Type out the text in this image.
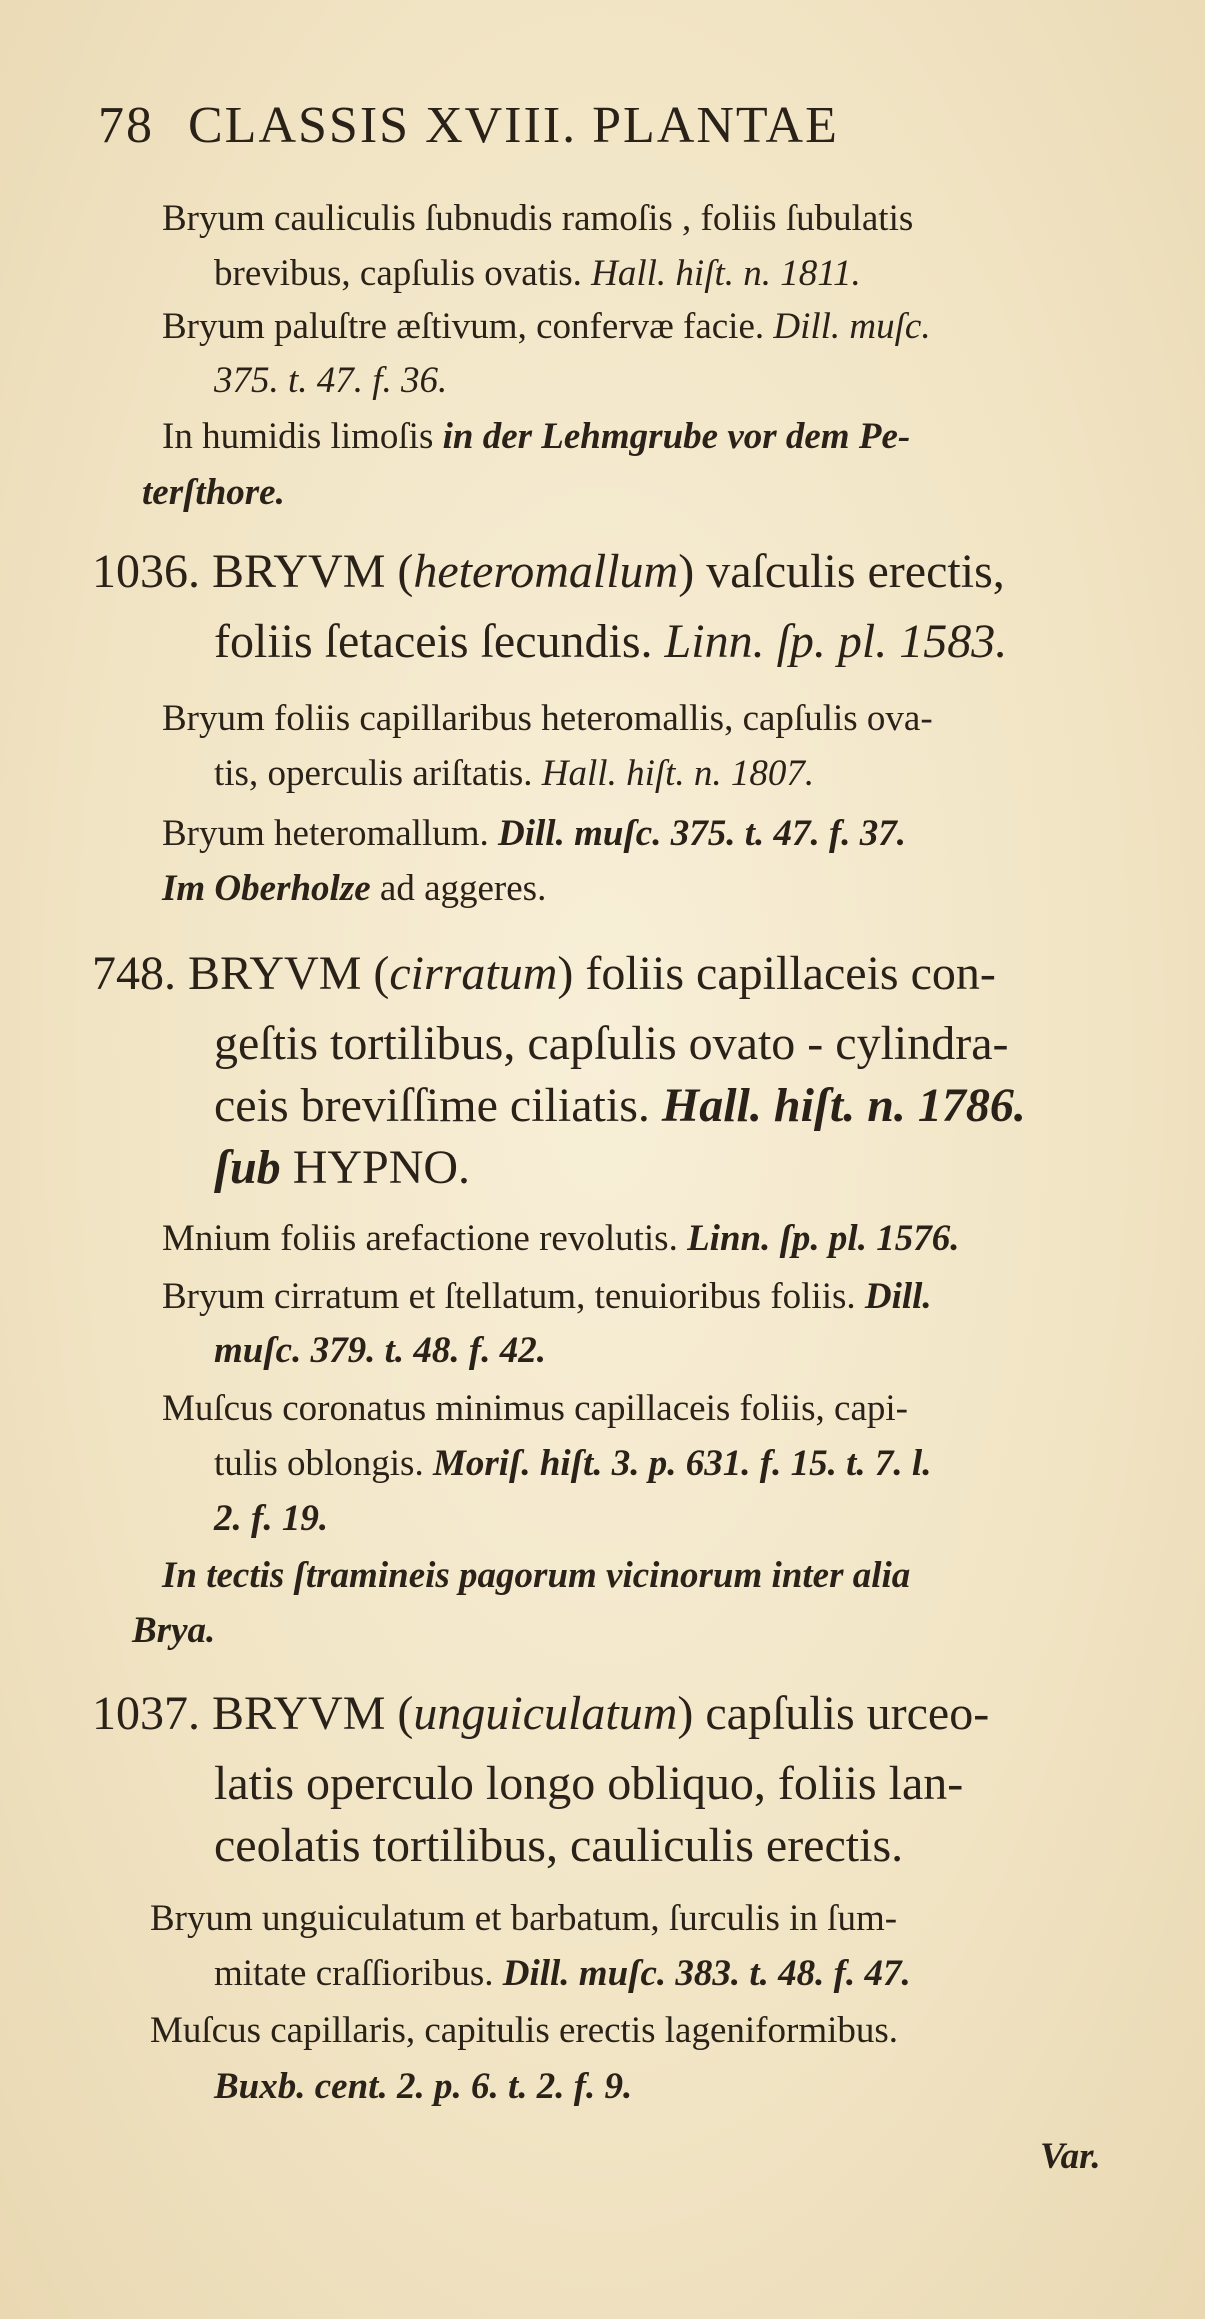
78 CLASSIS XVIII. PLANTAE
Bryum cauliculis ſubnudis ramoſis , foliis ſubulatis
brevibus, capſulis ovatis. Hall. hiſt. n. 1811.
Bryum paluſtre æſtivum, confervæ facie. Dill. muſc.
375. t. 47. f. 36.
In humidis limoſis in der Lehmgrube vor dem Pe-
terſthore.
1036. BRYVM (heteromallum) vaſculis erectis,
foliis ſetaceis ſecundis. Linn. ſp. pl. 1583.
Bryum foliis capillaribus heteromallis, capſulis ova-
tis, operculis ariſtatis. Hall. hiſt. n. 1807.
Bryum heteromallum. Dill. muſc. 375. t. 47. f. 37.
Im Oberholze ad aggeres.
748. BRYVM (cirratum) foliis capillaceis con-
geſtis tortilibus, capſulis ovato - cylindra-
ceis breviſſime ciliatis. Hall. hiſt. n. 1786.
ſub HYPNO.
Mnium foliis arefactione revolutis. Linn. ſp. pl. 1576.
Bryum cirratum et ſtellatum, tenuioribus foliis. Dill.
muſc. 379. t. 48. f. 42.
Muſcus coronatus minimus capillaceis foliis, capi-
tulis oblongis. Moriſ. hiſt. 3. p. 631. f. 15. t. 7. l.
2. f. 19.
In tectis ſtramineis pagorum vicinorum inter alia
Brya.
1037. BRYVM (unguiculatum) capſulis urceo-
latis operculo longo obliquo, foliis lan-
ceolatis tortilibus, cauliculis erectis.
Bryum unguiculatum et barbatum, ſurculis in ſum-
mitate craſſioribus. Dill. muſc. 383. t. 48. f. 47.
Muſcus capillaris, capitulis erectis lageniformibus.
Buxb. cent. 2. p. 6. t. 2. f. 9.
Var.
